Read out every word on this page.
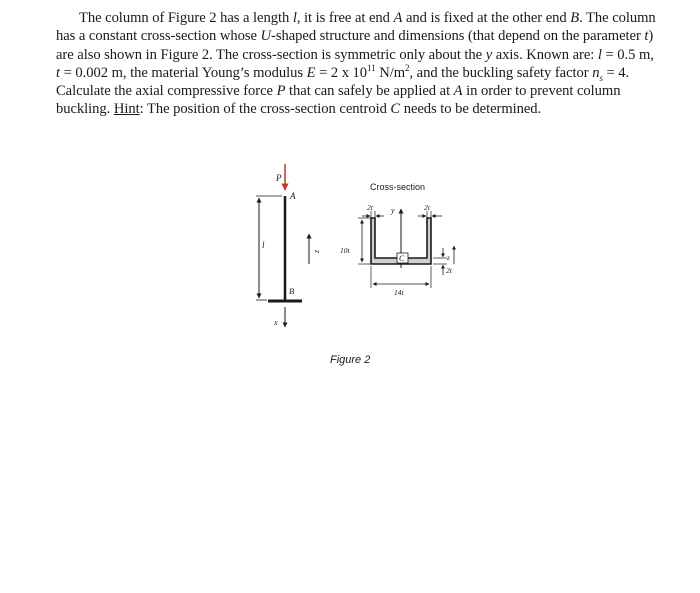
The column of Figure 2 has a length l, it is free at end A and is fixed at the other end B. The column has a constant cross-section whose U-shaped structure and dimensions (that depend on the parameter t) are also shown in Figure 2. The cross-section is symmetric only about the y axis. Known are: l = 0.5 m, t = 0.002 m, the material Young’s modulus E = 2 x $10^{11}$ $N/m^2$, and the buckling safety factor $n_s = 4$. Calculate the axial compressive force P that can safely be applied at A in order to prevent column buckling. Hint: The position of the cross-section centroid C needs to be determined.
P
A
B
l
z
x
Cross-section
y
C
2t	2t
10t
14t
2t
z
Figure 2
